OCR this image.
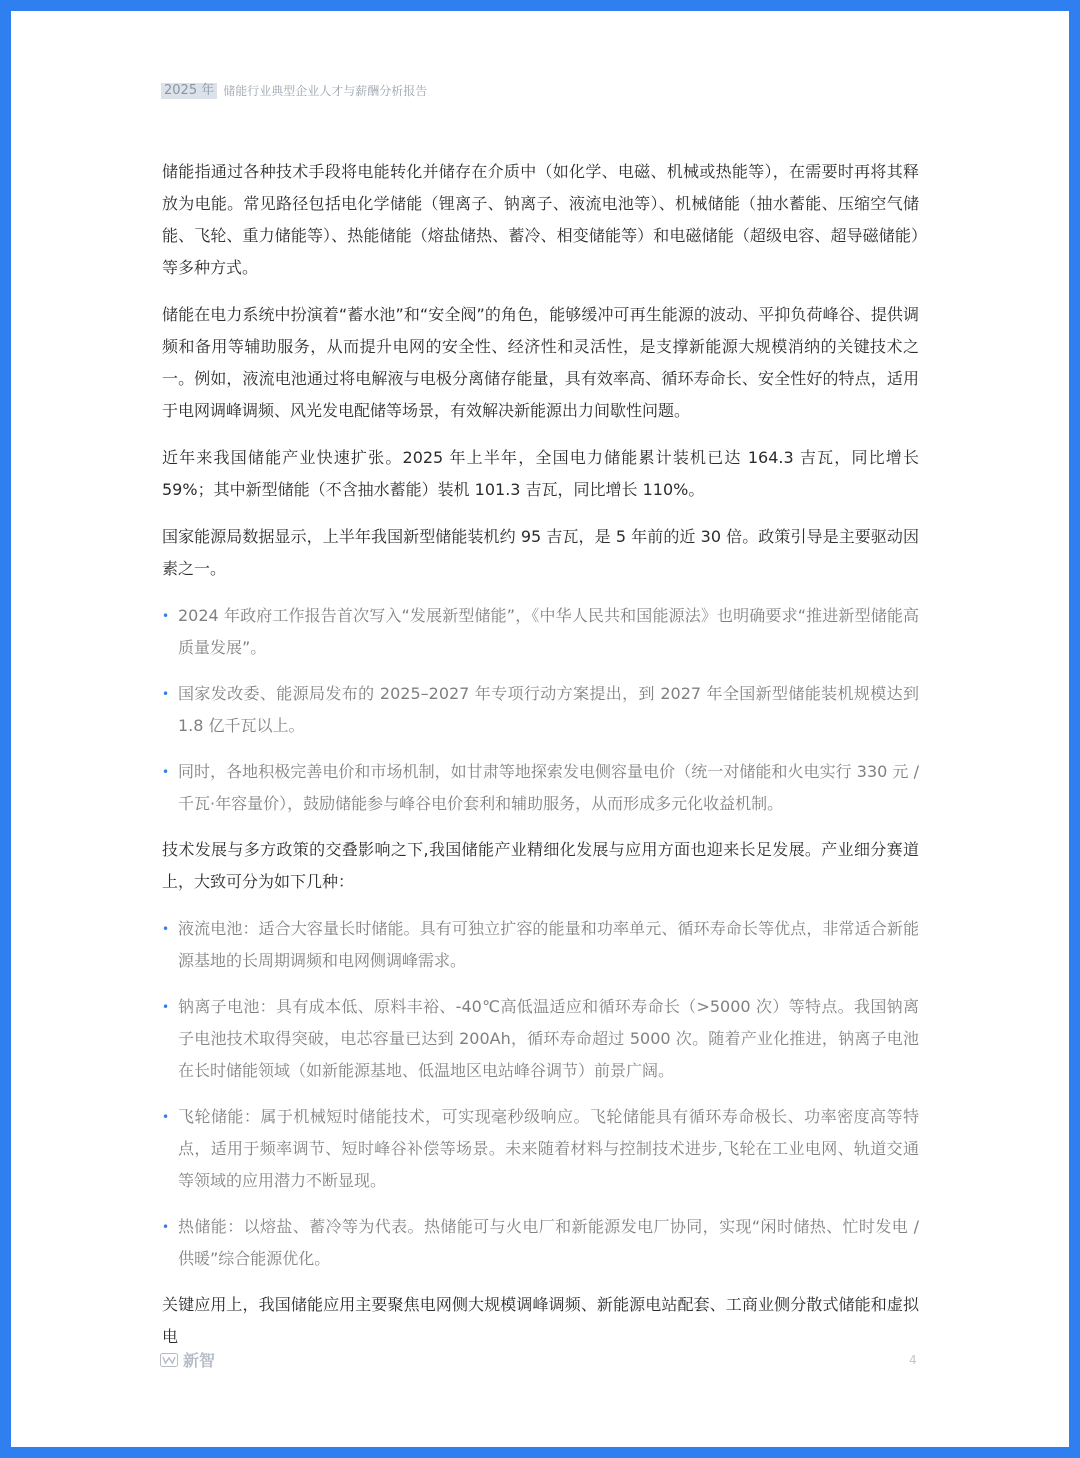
2025 年 储能行业典型企业人才与薪酬分析报告

储能指通过各种技术手段将电能转化并储存在介质中（如化学、电磁、机械或热能等），在需要时再将其释放为电能。常见路径包括电化学储能（锂离子、钠离子、液流电池等）、机械储能（抽水蓄能、压缩空气储能、飞轮、重力储能等）、热能储能（熔盐储热、蓄冷、相变储能等）和电磁储能（超级电容、超导磁储能）等多种方式。

储能在电力系统中扮演着“蓄水池”和“安全阀”的角色，能够缓冲可再生能源的波动、平抑负荷峰谷、提供调频和备用等辅助服务，从而提升电网的安全性、经济性和灵活性，是支撑新能源大规模消纳的关键技术之一。例如，液流电池通过将电解液与电极分离储存能量，具有效率高、循环寿命长、安全性好的特点，适用于电网调峰调频、风光发电配储等场景，有效解决新能源出力间歇性问题。

近年来我国储能产业快速扩张。2025 年上半年，全国电力储能累计装机已达 164.3 吉瓦，同比增长 59%；其中新型储能（不含抽水蓄能）装机 101.3 吉瓦，同比增长 110%。

国家能源局数据显示，上半年我国新型储能装机约 95 吉瓦，是 5 年前的近 30 倍。政策引导是主要驱动因素之一。

• 2024 年政府工作报告首次写入“发展新型储能”，《中华人民共和国能源法》也明确要求“推进新型储能高质量发展”。
• 国家发改委、能源局发布的 2025–2027 年专项行动方案提出，到 2027 年全国新型储能装机规模达到 1.8 亿千瓦以上。
• 同时，各地积极完善电价和市场机制，如甘肃等地探索发电侧容量电价（统一对储能和火电实行 330 元 / 千瓦·年容量价），鼓励储能参与峰谷电价套利和辅助服务，从而形成多元化收益机制。

技术发展与多方政策的交叠影响之下,我国储能产业精细化发展与应用方面也迎来长足发展。产业细分赛道上，大致可分为如下几种：

• 液流电池：适合大容量长时储能。具有可独立扩容的能量和功率单元、循环寿命长等优点，非常适合新能源基地的长周期调频和电网侧调峰需求。
• 钠离子电池：具有成本低、原料丰裕、-40℃高低温适应和循环寿命长（>5000 次）等特点。我国钠离子电池技术取得突破，电芯容量已达到 200Ah，循环寿命超过 5000 次。随着产业化推进，钠离子电池在长时储能领域（如新能源基地、低温地区电站峰谷调节）前景广阔。
• 飞轮储能：属于机械短时储能技术，可实现毫秒级响应。飞轮储能具有循环寿命极长、功率密度高等特点，适用于频率调节、短时峰谷补偿等场景。未来随着材料与控制技术进步,飞轮在工业电网、轨道交通等领域的应用潜力不断显现。
• 热储能：以熔盐、蓄冷等为代表。热储能可与火电厂和新能源发电厂协同，实现“闲时储热、忙时发电 / 供暖”综合能源优化。

关键应用上，我国储能应用主要聚焦电网侧大规模调峰调频、新能源电站配套、工商业侧分散式储能和虚拟电

新智	4
